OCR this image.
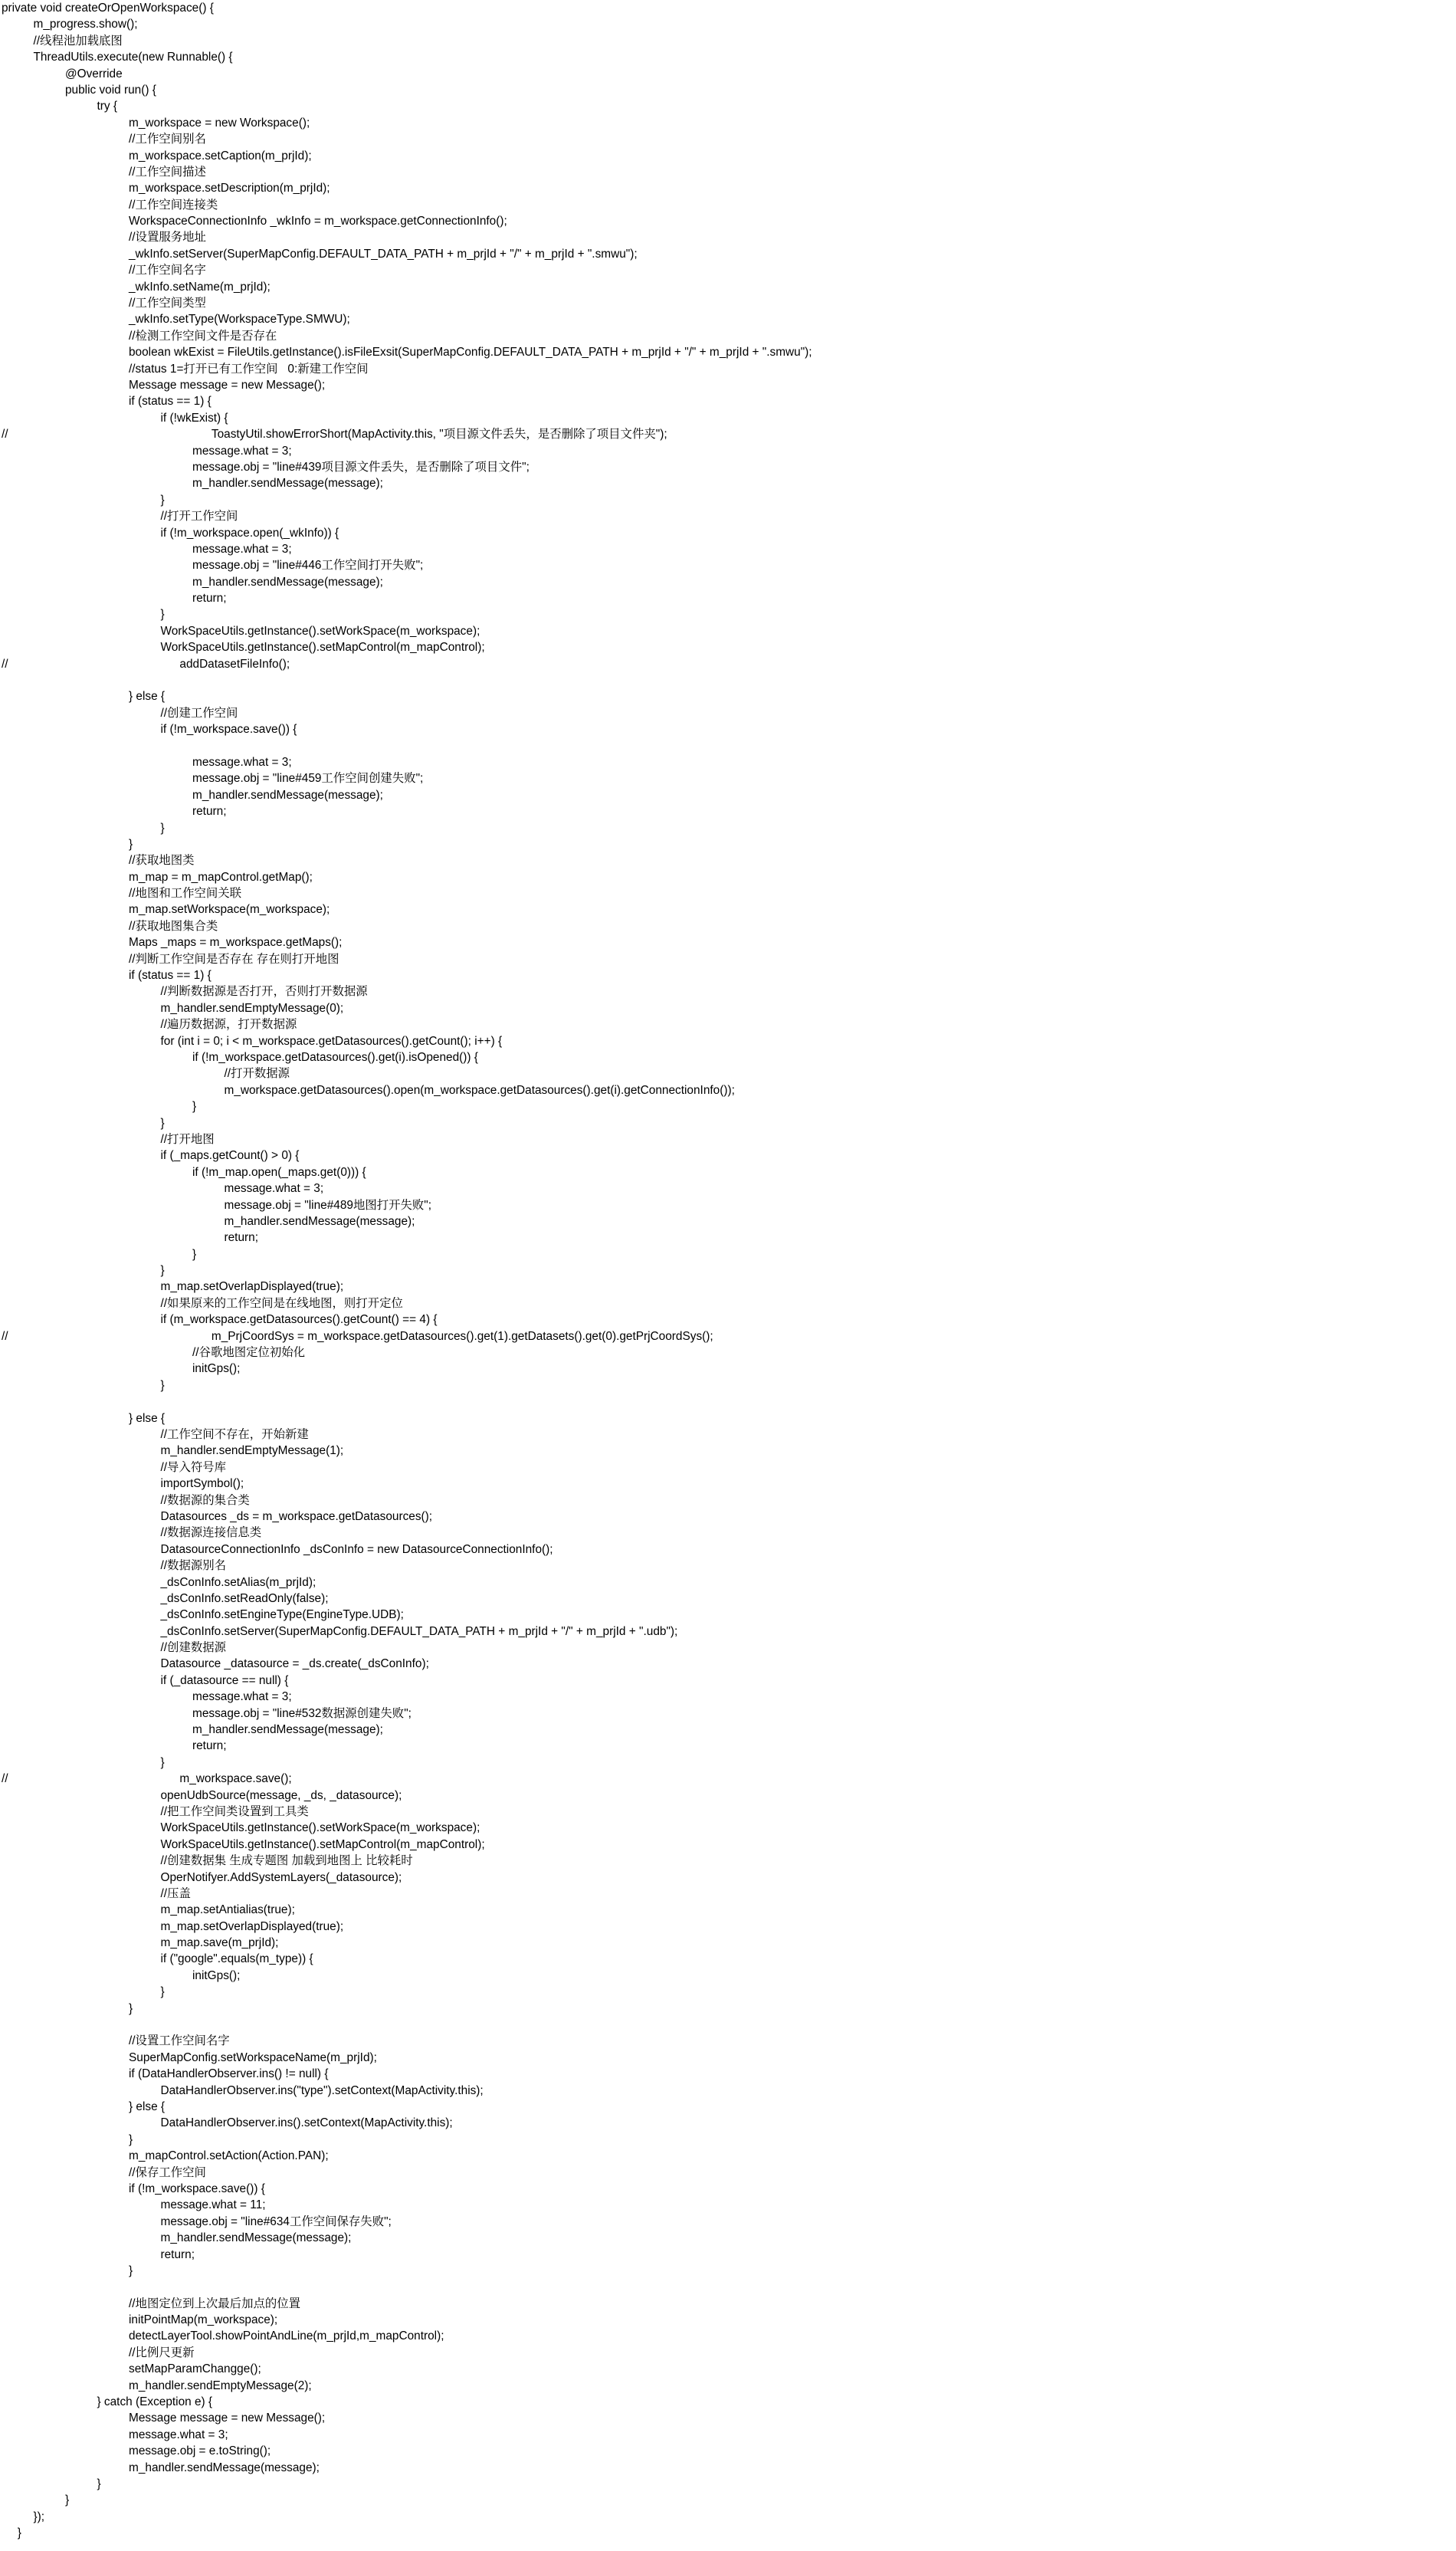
private void createOrOpenWorkspace() {
m_progress.show();
//线程池加载底图
ThreadUtils.execute(new Runnable() {
@Override
public void run() {
try {
m_workspace = new Workspace();
//工作空间别名
m_workspace.setCaption(m_prjId);
//工作空间描述
m_workspace.setDescription(m_prjId);
//工作空间连接类
WorkspaceConnectionInfo _wkInfo = m_workspace.getConnectionInfo();
//设置服务地址
_wkInfo.setServer(SuperMapConfig.DEFAULT_DATA_PATH + m_prjId + "/" + m_prjId + ".smwu");
//工作空间名字
_wkInfo.setName(m_prjId);
//工作空间类型
_wkInfo.setType(WorkspaceType.SMWU);
//检测工作空间文件是否存在
boolean wkExist = FileUtils.getInstance().isFileExsit(SuperMapConfig.DEFAULT_DATA_PATH + m_prjId + "/" + m_prjId + ".smwu");
//status 1=打开已有工作空间   0:新建工作空间
Message message = new Message();
if (status == 1) {
if (!wkExist) {
//	ToastyUtil.showErrorShort(MapActivity.this, "项目源文件丢失，是否删除了项目文件夹");
message.what = 3;
message.obj = "line#439项目源文件丢失，是否删除了项目文件";
m_handler.sendMessage(message);
}
//打开工作空间
if (!m_workspace.open(_wkInfo)) {
message.what = 3;
message.obj = "line#446工作空间打开失败";
m_handler.sendMessage(message);
return;
}
WorkSpaceUtils.getInstance().setWorkSpace(m_workspace);
WorkSpaceUtils.getInstance().setMapControl(m_mapControl);
//	addDatasetFileInfo();
} else {
//创建工作空间
if (!m_workspace.save()) {
message.what = 3;
message.obj = "line#459工作空间创建失败";
m_handler.sendMessage(message);
return;
}
}
//获取地图类
m_map = m_mapControl.getMap();
//地图和工作空间关联
m_map.setWorkspace(m_workspace);
//获取地图集合类
Maps _maps = m_workspace.getMaps();
//判断工作空间是否存在 存在则打开地图
if (status == 1) {
//判断数据源是否打开，否则打开数据源
m_handler.sendEmptyMessage(0);
//遍历数据源，打开数据源
for (int i = 0; i < m_workspace.getDatasources().getCount(); i++) {
if (!m_workspace.getDatasources().get(i).isOpened()) {
//打开数据源
m_workspace.getDatasources().open(m_workspace.getDatasources().get(i).getConnectionInfo());
}
}
//打开地图
if (_maps.getCount() > 0) {
if (!m_map.open(_maps.get(0))) {
message.what = 3;
message.obj = "line#489地图打开失败";
m_handler.sendMessage(message);
return;
}
}
m_map.setOverlapDisplayed(true);
//如果原来的工作空间是在线地图，则打开定位
if (m_workspace.getDatasources().getCount() == 4) {
//	m_PrjCoordSys = m_workspace.getDatasources().get(1).getDatasets().get(0).getPrjCoordSys();
//谷歌地图定位初始化
initGps();
}
} else {
//工作空间不存在，开始新建
m_handler.sendEmptyMessage(1);
//导入符号库
importSymbol();
//数据源的集合类
Datasources _ds = m_workspace.getDatasources();
//数据源连接信息类
DatasourceConnectionInfo _dsConInfo = new DatasourceConnectionInfo();
//数据源别名
_dsConInfo.setAlias(m_prjId);
_dsConInfo.setReadOnly(false);
_dsConInfo.setEngineType(EngineType.UDB);
_dsConInfo.setServer(SuperMapConfig.DEFAULT_DATA_PATH + m_prjId + "/" + m_prjId + ".udb");
//创建数据源
Datasource _datasource = _ds.create(_dsConInfo);
if (_datasource == null) {
message.what = 3;
message.obj = "line#532数据源创建失败";
m_handler.sendMessage(message);
return;
}
//	m_workspace.save();
openUdbSource(message, _ds, _datasource);
//把工作空间类设置到工具类
WorkSpaceUtils.getInstance().setWorkSpace(m_workspace);
WorkSpaceUtils.getInstance().setMapControl(m_mapControl);
//创建数据集 生成专题图 加载到地图上 比较耗时
OperNotifyer.AddSystemLayers(_datasource);
//压盖
m_map.setAntialias(true);
m_map.setOverlapDisplayed(true);
m_map.save(m_prjId);
if ("google".equals(m_type)) {
initGps();
}
}
//设置工作空间名字
SuperMapConfig.setWorkspaceName(m_prjId);
if (DataHandlerObserver.ins() != null) {
DataHandlerObserver.ins("type").setContext(MapActivity.this);
} else {
DataHandlerObserver.ins().setContext(MapActivity.this);
}
m_mapControl.setAction(Action.PAN);
//保存工作空间
if (!m_workspace.save()) {
message.what = 11;
message.obj = "line#634工作空间保存失败";
m_handler.sendMessage(message);
return;
}
//地图定位到上次最后加点的位置
initPointMap(m_workspace);
detectLayerTool.showPointAndLine(m_prjId,m_mapControl);
//比例尺更新
setMapParamChangge();
m_handler.sendEmptyMessage(2);
} catch (Exception e) {
Message message = new Message();
message.what = 3;
message.obj = e.toString();
m_handler.sendMessage(message);
}
}
});
}
